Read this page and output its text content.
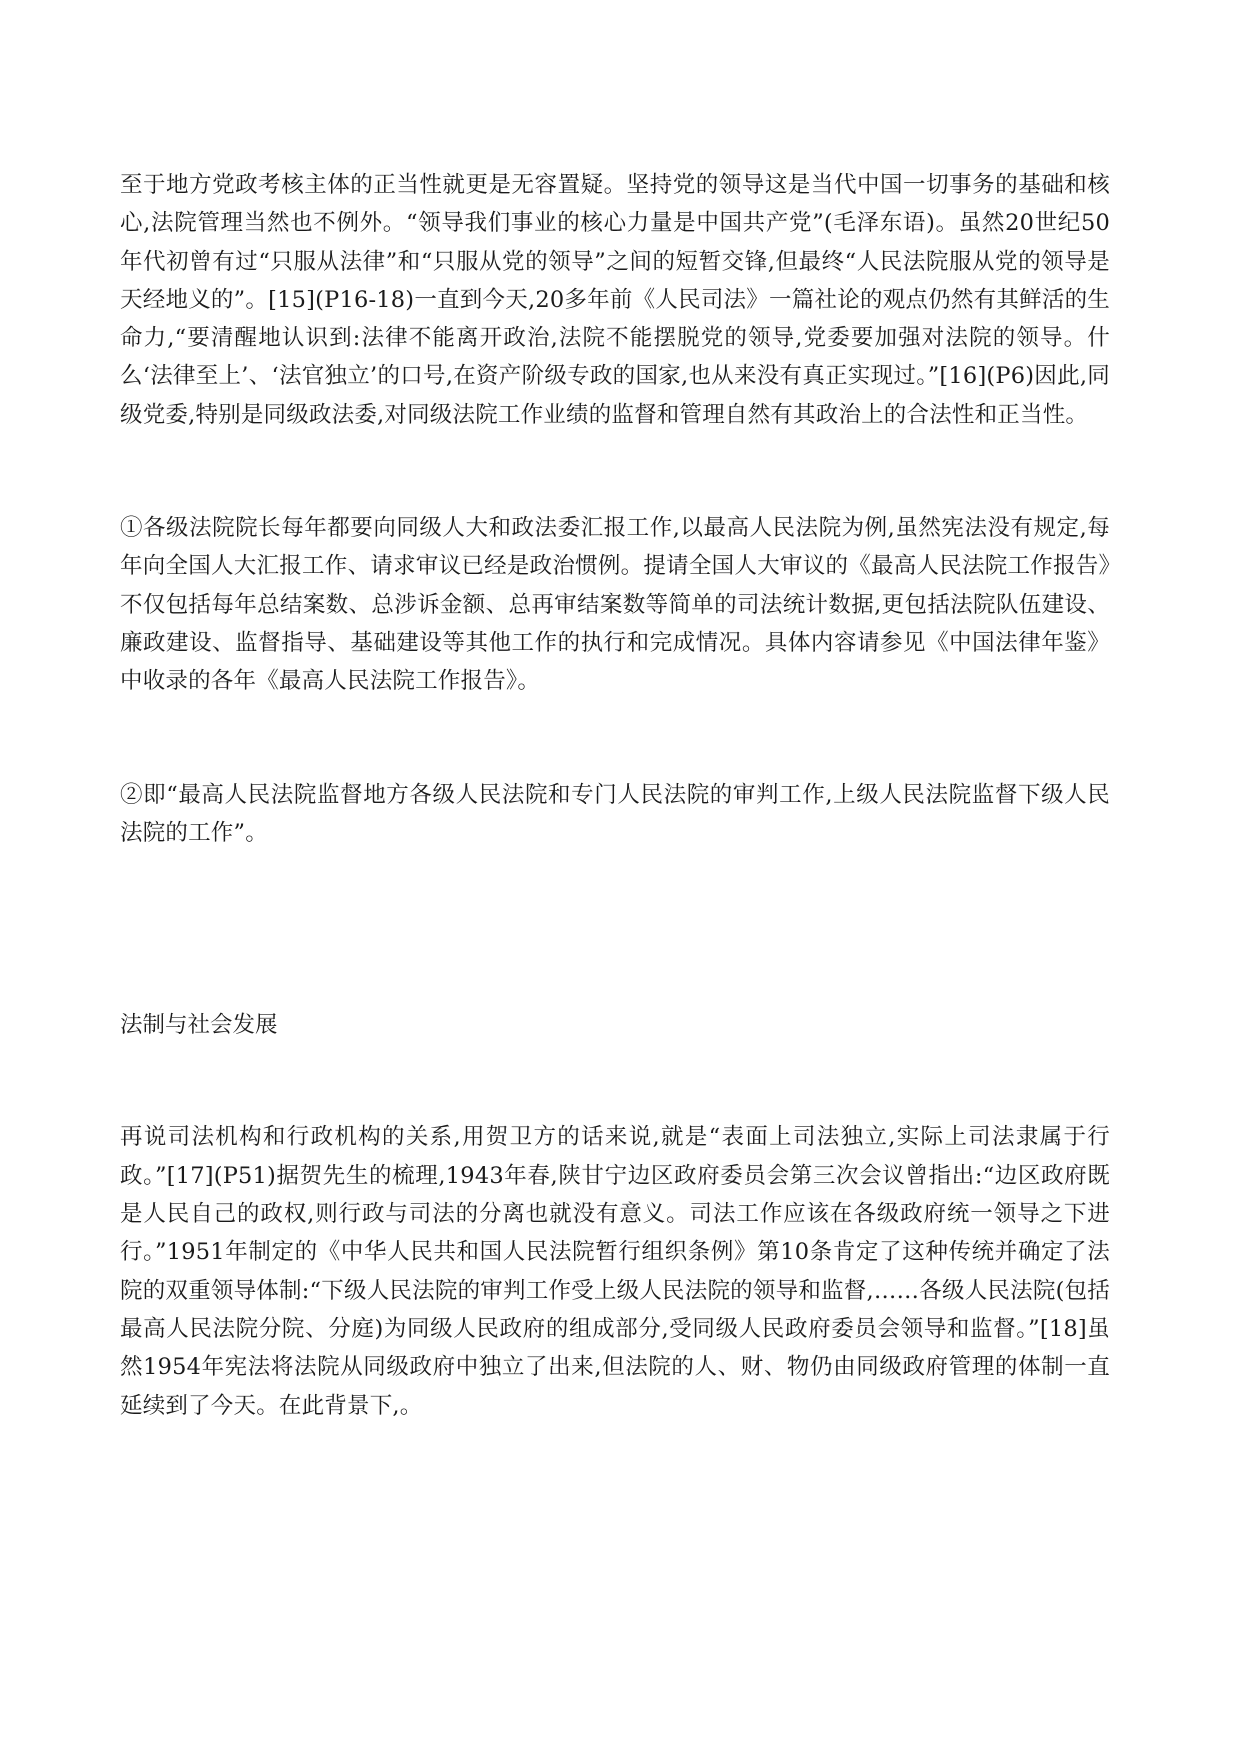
至于地方党政考核主体的正当性就更是无容置疑。坚持党的领导这是当代中国一切事务的基础和核心,法院管理当然也不例外。“领导我们事业的核心力量是中国共产党”(毛泽东语)。虽然20世纪50年代初曾有过“只服从法律”和“只服从党的领导”之间的短暂交锋,但最终“人民法院服从党的领导是天经地义的”。[15](P16-18)一直到今天,20多年前《人民司法》一篇社论的观点仍然有其鲜活的生命力,“要清醒地认识到:法律不能离开政治,法院不能摆脱党的领导,党委要加强对法院的领导。什么‘法律至上’、‘法官独立’的口号,在资产阶级专政的国家,也从来没有真正实现过。”[16](P6)因此,同级党委,特别是同级政法委,对同级法院工作业绩的监督和管理自然有其政治上的合法性和正当性。

①各级法院院长每年都要向同级人大和政法委汇报工作,以最高人民法院为例,虽然宪法没有规定,每年向全国人大汇报工作、请求审议已经是政治惯例。提请全国人大审议的《最高人民法院工作报告》不仅包括每年总结案数、总涉诉金额、总再审结案数等简单的司法统计数据,更包括法院队伍建设、廉政建设、监督指导、基础建设等其他工作的执行和完成情况。具体内容请参见《中国法律年鉴》中收录的各年《最高人民法院工作报告》。

②即“最高人民法院监督地方各级人民法院和专门人民法院的审判工作,上级人民法院监督下级人民法院的工作”。

法制与社会发展

再说司法机构和行政机构的关系,用贺卫方的话来说,就是“表面上司法独立,实际上司法隶属于行政。”[17](P51)据贺先生的梳理,1943年春,陕甘宁边区政府委员会第三次会议曾指出:“边区政府既是人民自己的政权,则行政与司法的分离也就没有意义。司法工作应该在各级政府统一领导之下进行。”1951年制定的《中华人民共和国人民法院暂行组织条例》第10条肯定了这种传统并确定了法院的双重领导体制:“下级人民法院的审判工作受上级人民法院的领导和监督,……各级人民法院(包括最高人民法院分院、分庭)为同级人民政府的组成部分,受同级人民政府委员会领导和监督。”[18]虽然1954年宪法将法院从同级政府中独立了出来,但法院的人、财、物仍由同级政府管理的体制一直延续到了今天。在此背景下,。
